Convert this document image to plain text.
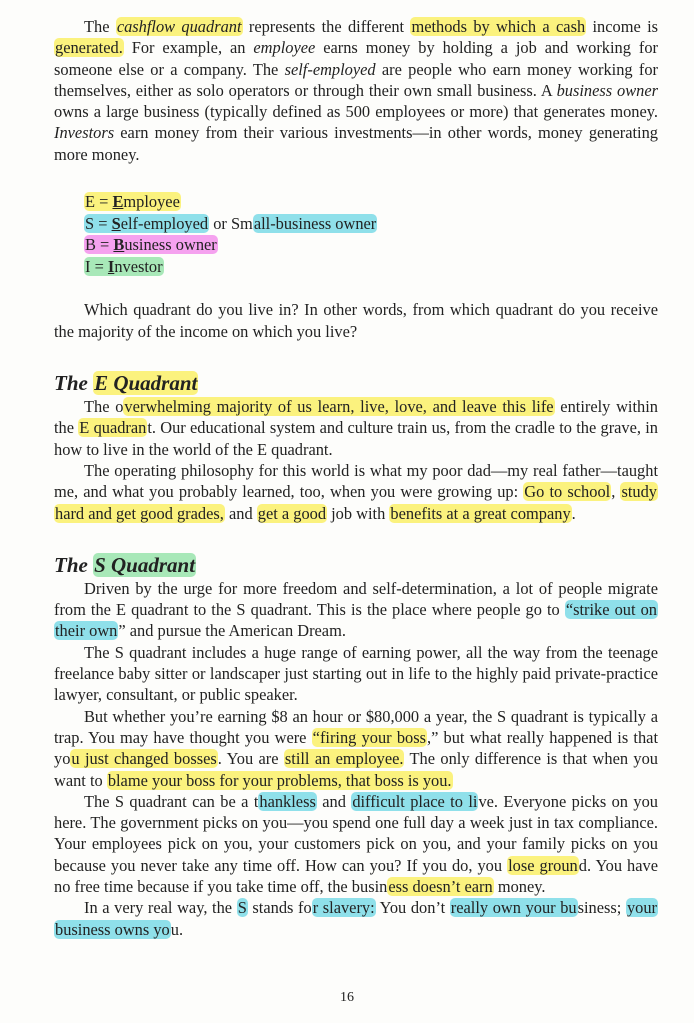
The cashflow quadrant represents the different methods by which a cash income is generated. For example, an employee earns money by holding a job and working for someone else or a company. The self-employed are people who earn money working for themselves, either as solo operators or through their own small business. A business owner owns a large business (typically defined as 500 employees or more) that generates money. Investors earn money from their various investments—in other words, money generating more money.

E = Employee
S = Self-employed or Small-business owner
B = Business owner
I = Investor

Which quadrant do you live in? In other words, from which quadrant do you receive the majority of the income on which you live?

The E Quadrant

The overwhelming majority of us learn, live, love, and leave this life entirely within the E quadrant. Our educational system and culture train us, from the cradle to the grave, in how to live in the world of the E quadrant.

The operating philosophy for this world is what my poor dad—my real father—taught me, and what you probably learned, too, when you were growing up: Go to school, study hard and get good grades, and get a good job with benefits at a great company.

The S Quadrant

Driven by the urge for more freedom and self-determination, a lot of people migrate from the E quadrant to the S quadrant. This is the place where people go to “strike out on their own” and pursue the American Dream.

The S quadrant includes a huge range of earning power, all the way from the teenage freelance baby sitter or landscaper just starting out in life to the highly paid private-practice lawyer, consultant, or public speaker.

But whether you’re earning $8 an hour or $80,000 a year, the S quadrant is typically a trap. You may have thought you were “firing your boss,” but what really happened is that you just changed bosses. You are still an employee. The only difference is that when you want to blame your boss for your problems, that boss is you.

The S quadrant can be a thankless and difficult place to live. Everyone picks on you here. The government picks on you—you spend one full day a week just in tax compliance. Your employees pick on you, your customers pick on you, and your family picks on you because you never take any time off. How can you? If you do, you lose ground. You have no free time because if you take time off, the business doesn’t earn money.

In a very real way, the S stands for slavery: You don’t really own your business; your business owns you.

16
